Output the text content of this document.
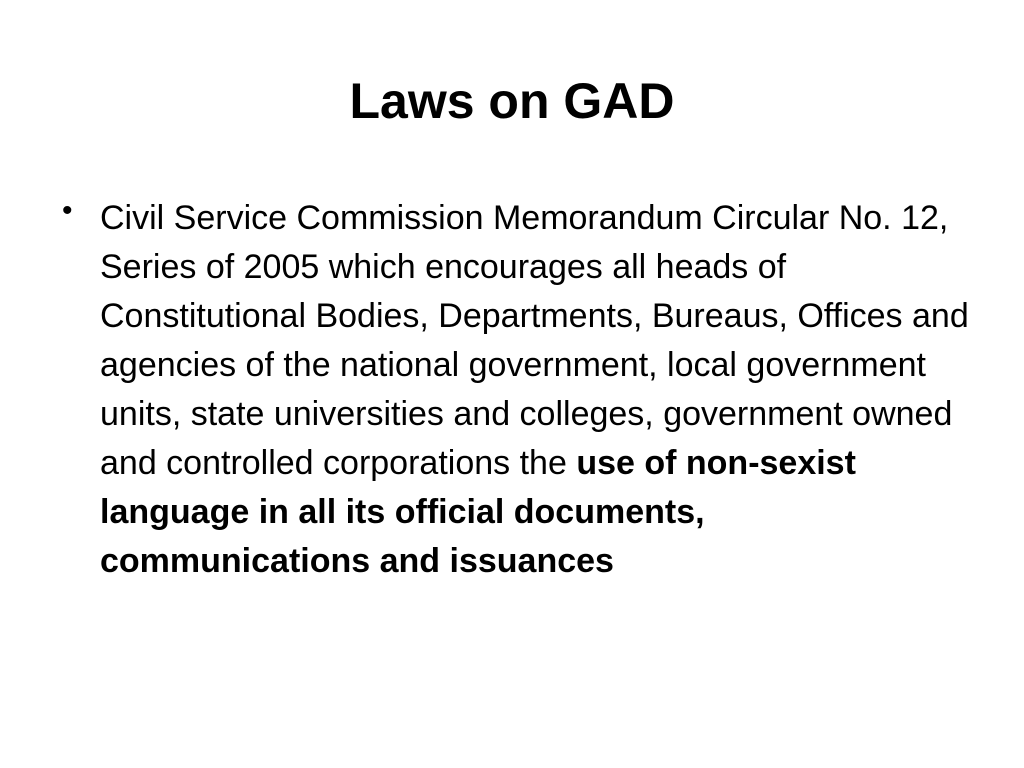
Laws on GAD
• Civil Service Commission Memorandum Circular No. 12, Series of 2005 which encourages all heads of Constitutional Bodies, Departments, Bureaus, Offices and agencies of the national government, local government units, state universities and colleges, government owned and controlled corporations the use of non-sexist language in all its official documents, communications and issuances
